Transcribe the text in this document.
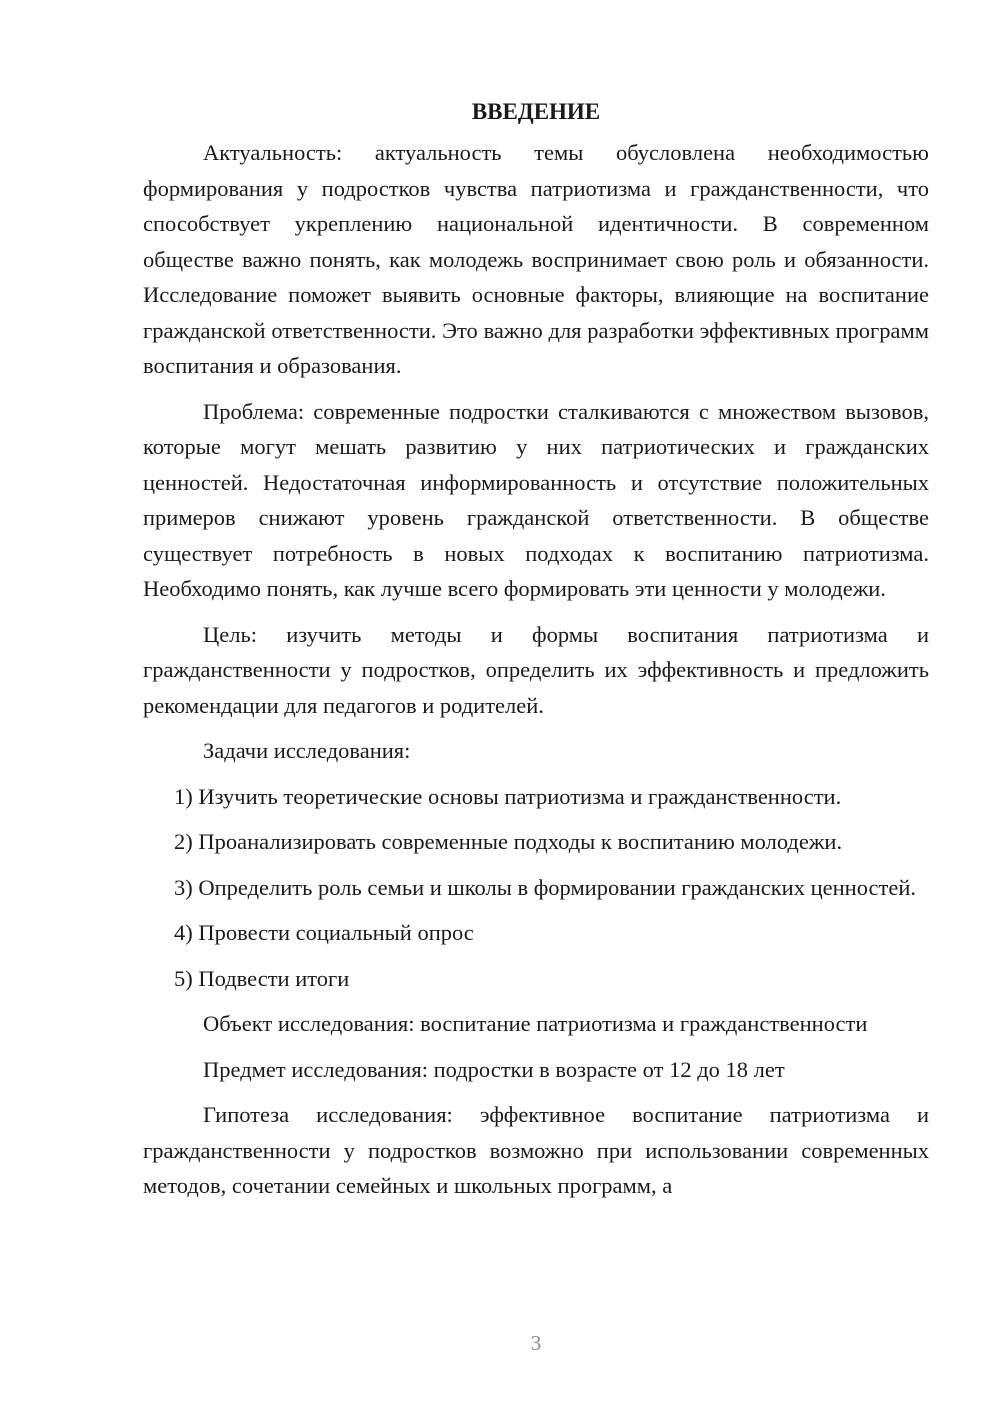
ВВЕДЕНИЕ

Актуальность: актуальность темы обусловлена необходимостью формирования у подростков чувства патриотизма и гражданственности, что способствует укреплению национальной идентичности. В современном обществе важно понять, как молодежь воспринимает свою роль и обязанности. Исследование поможет выявить основные факторы, влияющие на воспитание гражданской ответственности. Это важно для разработки эффективных программ воспитания и образования.

Проблема: современные подростки сталкиваются с множеством вызовов, которые могут мешать развитию у них патриотических и гражданских ценностей. Недостаточная информированность и отсутствие положительных примеров снижают уровень гражданской ответственности. В обществе существует потребность в новых подходах к воспитанию патриотизма. Необходимо понять, как лучше всего формировать эти ценности у молодежи.

Цель: изучить методы и формы воспитания патриотизма и гражданственности у подростков, определить их эффективность и предложить рекомендации для педагогов и родителей.

Задачи исследования:

1) Изучить теоретические основы патриотизма и гражданственности.

2) Проанализировать современные подходы к воспитанию молодежи.

3) Определить роль семьи и школы в формировании гражданских ценностей.

4) Провести социальный опрос

5) Подвести итоги

Объект исследования: воспитание патриотизма и гражданственности

Предмет исследования: подростки в возрасте от 12 до 18 лет

Гипотеза исследования: эффективное воспитание патриотизма и гражданственности у подростков возможно при использовании современных методов, сочетании семейных и школьных программ, а

3
